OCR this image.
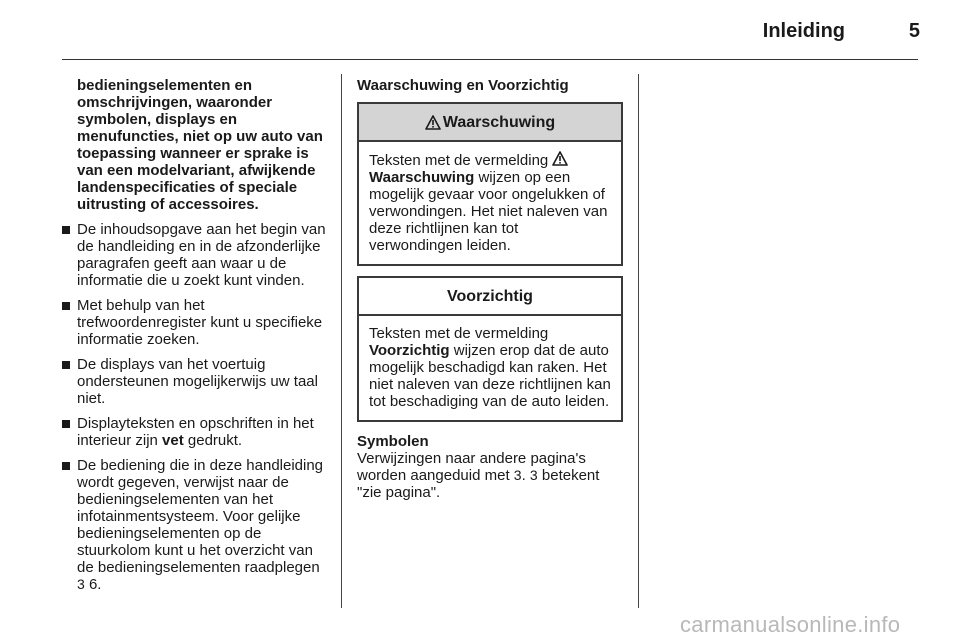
Inleiding	5

bedieningselementen en omschrijvingen, waaronder symbolen, displays en menufuncties, niet op uw auto van toepassing wanneer er sprake is van een modelvariant, afwijkende landenspecificaties of speciale uitrusting of accessoires.

De inhoudsopgave aan het begin van de handleiding en in de afzonderlijke paragrafen geeft aan waar u de informatie die u zoekt kunt vinden.
Met behulp van het trefwoordenregister kunt u specifieke informatie zoeken.
De displays van het voertuig ondersteunen mogelijkerwijs uw taal niet.
Displayteksten en opschriften in het interieur zijn vet gedrukt.
De bediening die in deze handleiding wordt gegeven, verwijst naar de bedieningselementen van het infotainmentsysteem. Voor gelijke bedieningselementen op de stuurkolom kunt u het overzicht van de bedieningselementen raadplegen 3 6.

Waarschuwing en Voorzichtig

Waarschuwing
Teksten met de vermelding Waarschuwing wijzen op een mogelijk gevaar voor ongelukken of verwondingen. Het niet naleven van deze richtlijnen kan tot verwondingen leiden.
Voorzichtig
Teksten met de vermelding Voorzichtig wijzen erop dat de auto mogelijk beschadigd kan raken. Het niet naleven van deze richtlijnen kan tot beschadiging van de auto leiden.

Symbolen

Verwijzingen naar andere pagina's worden aangeduid met 3. 3 betekent "zie pagina".

carmanualsonline.info
